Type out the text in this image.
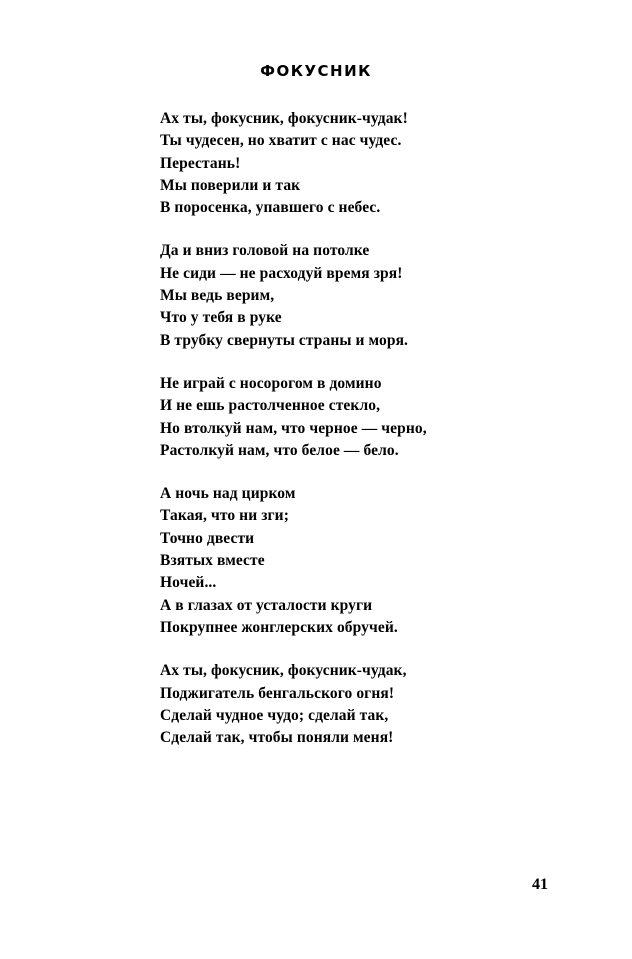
ФОКУСНИК
Ах ты, фокусник, фокусник-чудак!
Ты чудесен, но хватит с нас чудес.
Перестань!
Мы поверили и так
В поросенка, упавшего с небес.
Да и вниз головой на потолке
Не сиди — не расходуй время зря!
Мы ведь верим,
Что у тебя в руке
В трубку свернуты страны и моря.
Не играй с носорогом в домино
И не ешь растолченное стекло,
Но втолкуй нам, что черное — черно,
Растолкуй нам, что белое — бело.
А ночь над цирком
Такая, что ни зги;
Точно двести
Взятых вместе
Ночей...
А в глазах от усталости круги
Покрупнее жонглерских обручей.
Ах ты, фокусник, фокусник-чудак,
Поджигатель бенгальского огня!
Сделай чудное чудо; сделай так,
Сделай так, чтобы поняли меня!
41
